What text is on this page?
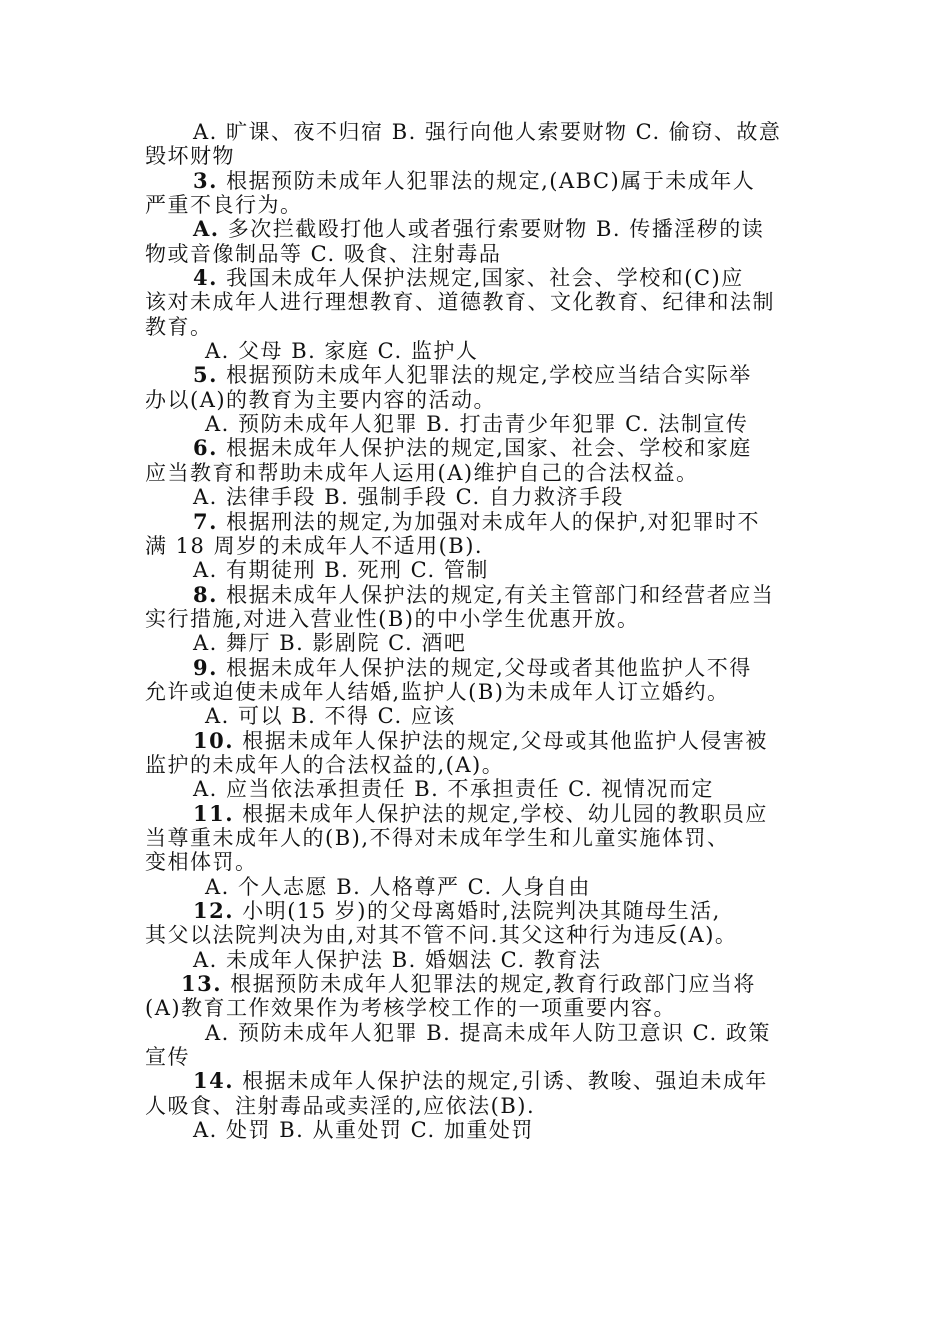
A. 旷课、夜不归宿 B. 强行向他人索要财物 C. 偷窃、故意
毁坏财物
3. 根据预防未成年人犯罪法的规定,(ABC)属于未成年人
严重不良行为。
A. 多次拦截殴打他人或者强行索要财物 B. 传播淫秽的读
物或音像制品等 C. 吸食、注射毒品
4. 我国未成年人保护法规定,国家、社会、学校和(C)应
该对未成年人进行理想教育、道德教育、文化教育、纪律和法制
教育。
A. 父母 B. 家庭 C. 监护人
5. 根据预防未成年人犯罪法的规定,学校应当结合实际举
办以(A)的教育为主要内容的活动。
A. 预防未成年人犯罪 B. 打击青少年犯罪 C. 法制宣传
6. 根据未成年人保护法的规定,国家、社会、学校和家庭
应当教育和帮助未成年人运用(A)维护自己的合法权益。
A. 法律手段 B. 强制手段 C. 自力救济手段
7. 根据刑法的规定,为加强对未成年人的保护,对犯罪时不
满 18 周岁的未成年人不适用(B).
A. 有期徒刑 B. 死刑 C. 管制
8. 根据未成年人保护法的规定,有关主管部门和经营者应当
实行措施,对进入营业性(B)的中小学生优惠开放。
A. 舞厅 B. 影剧院 C. 酒吧
9. 根据未成年人保护法的规定,父母或者其他监护人不得
允许或迫使未成年人结婚,监护人(B)为未成年人订立婚约。
A. 可以 B. 不得 C. 应该
10. 根据未成年人保护法的规定,父母或其他监护人侵害被
监护的未成年人的合法权益的,(A)。
A. 应当依法承担责任 B. 不承担责任 C. 视情况而定
11. 根据未成年人保护法的规定,学校、幼儿园的教职员应
当尊重未成年人的(B),不得对未成年学生和儿童实施体罚、
变相体罚。
A. 个人志愿 B. 人格尊严 C. 人身自由
12. 小明(15 岁)的父母离婚时,法院判决其随母生活,
其父以法院判决为由,对其不管不问.其父这种行为违反(A)。
A. 未成年人保护法 B. 婚姻法 C. 教育法
13. 根据预防未成年人犯罪法的规定,教育行政部门应当将
(A)教育工作效果作为考核学校工作的一项重要内容。
A. 预防未成年人犯罪 B. 提高未成年人防卫意识 C. 政策
宣传
14. 根据未成年人保护法的规定,引诱、教唆、强迫未成年
人吸食、注射毒品或卖淫的,应依法(B).
A. 处罚 B. 从重处罚 C. 加重处罚
